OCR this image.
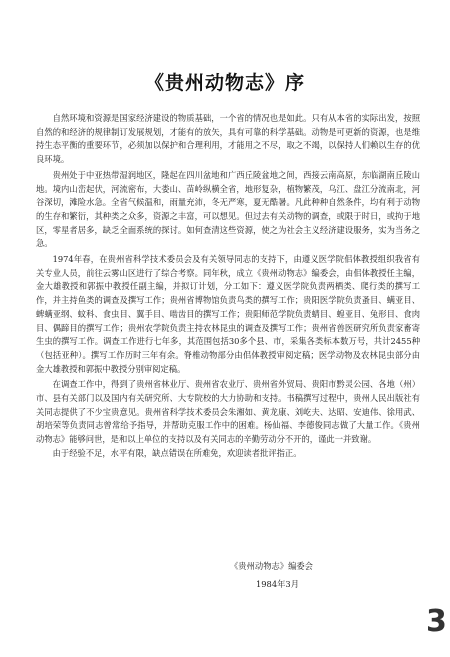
《贵州动物志》序

自然环境和资源是国家经济建设的物质基础，一个省的情况也是如此。只有从本省的实际出发，按照自然的和经济的规律制订发展规划，才能有的放矢，具有可靠的科学基础。动物是可更新的资源，也是维持生态平衡的重要环节，必须加以保护和合理利用，才能用之不尽，取之不竭，以保持人们赖以生存的优良环境。

贵州处于中亚热带湿润地区，隆起在四川盆地和广西丘陵盆地之间，西接云南高原，东临湖南丘陵山地。境内山峦起伏，河流密布，大娄山、苗岭纵横全省，地形复杂，植物繁茂，乌江、盘江分流南北，河谷深切，滩险水急。全省气候温和，雨量充沛，冬无严寒，夏无酷暑。凡此种种自然条件，均有利于动物的生存和繁衍，其种类之众多，资源之丰富，可以想见。但过去有关动物的调查，或限于时日，或拘于地区，零星者居多，缺乏全面系统的探讨。如何查清这些资源，使之为社会主义经济建设服务，实为当务之急。

1974年春，在贵州省科学技术委员会及有关领导同志的支持下，由遵义医学院佀体教授组织我省有关专业人员，前往云雾山区进行了综合考察。同年秋，成立《贵州动物志》编委会，由佀体教授任主编，金大雄教授和郭振中教授任副主编，并拟订计划，分工如下：遵义医学院负责两栖类、爬行类的撰写工作，并主持鱼类的调查及撰写工作；贵州省博物馆负责鸟类的撰写工作；贵阳医学院负责蚤目、螨亚目、蜱螨亚纲、蚊科、食虫目、翼手目、啮齿目的撰写工作；贵阳师范学院负责蜻目、蝗亚目、兔形目、食肉目、偶蹄目的撰写工作；贵州农学院负责主持农林昆虫的调查及撰写工作；贵州省兽医研究所负责家畜寄生虫的撰写工作。调查工作进行七年多，其范围包括30多个县、市，采集各类标本数万号，共计2455种（包括亚种）。撰写工作历时三年有余。脊椎动物部分由佀体教授审阅定稿；医学动物及农林昆虫部分由金大雄教授和郭振中教授分别审阅定稿。

在调查工作中，得到了贵州省林业厅、贵州省农业厅、贵州省外贸局、贵阳市黔灵公园、各地（州）市、县有关部门以及国内有关研究所、大专院校的大力协助和支持。书稿撰写过程中，贵州人民出版社有关同志提供了不少宝贵意见。贵州省科学技术委员会朱湘如、黄龙康、刘屹夫、达昭、安迪伟、徐用武、胡培荣等负责同志曾常给予指导，并帮助克服工作中的困难。杨仙福、李德俊同志做了大量工作。《贵州动物志》能够问世，是和以上单位的支持以及有关同志的辛勤劳动分不开的，谨此一并致谢。

由于经验不足，水平有限，缺点错误在所难免，欢迎读者批评指正。

《贵州动物志》编委会
1984年3月
3
